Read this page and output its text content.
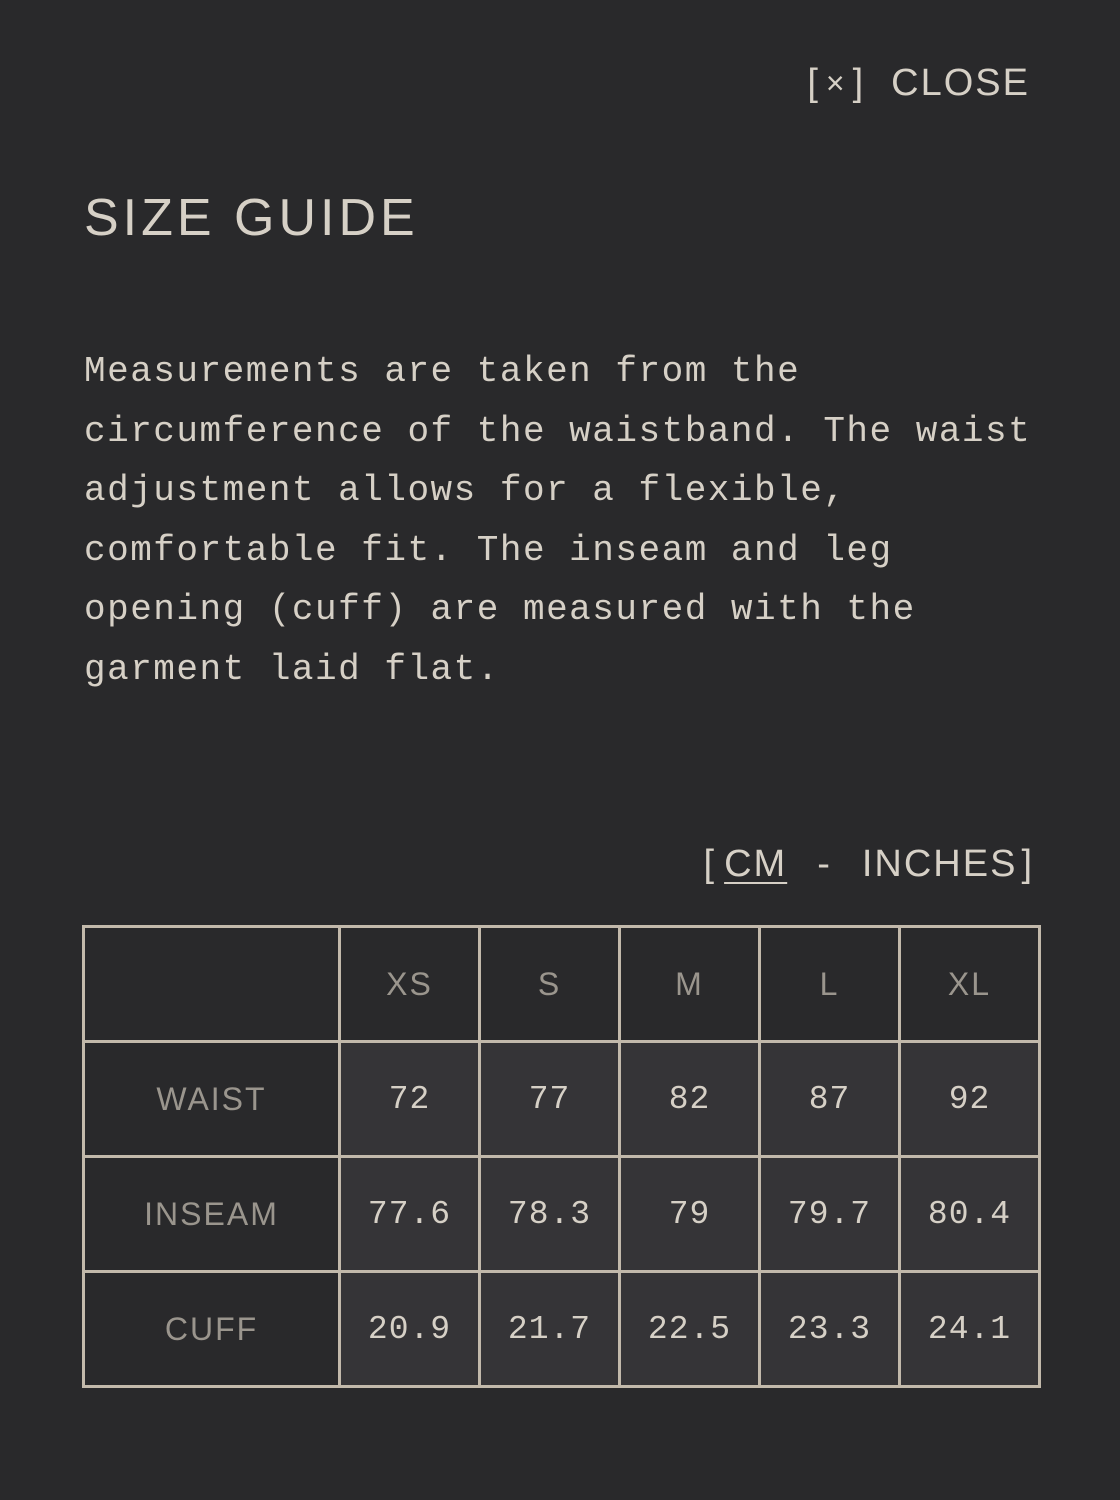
[ × ] CLOSE
SIZE GUIDE

Measurements are taken from the circumference of the waistband. The waist adjustment allows for a flexible, comfortable fit. The inseam and leg opening (cuff) are measured with the garment laid flat.

[ CM - INCHES ]
	XS	S	M	L	XL
WAIST	72	77	82	87	92
INSEAM	77.6	78.3	79	79.7	80.4
CUFF	20.9	21.7	22.5	23.3	24.1
